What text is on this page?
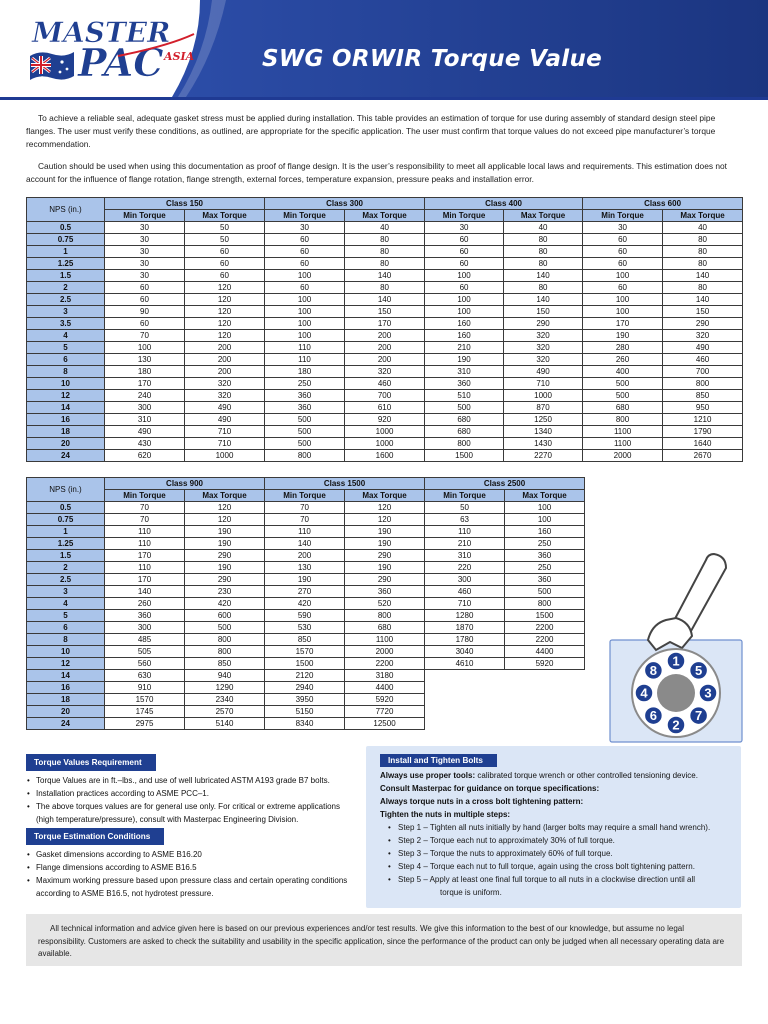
MASTER
PAC ASIA	SWG ORWIR Torque Value

To achieve a reliable seal, adequate gasket stress must be applied during installation. This table provides an estimation of torque for use during assembly of standard design steel pipe flanges. The user must verify these conditions, as outlined, are appropriate for the specific application. The user must confirm that torque values do not exceed pipe manufacturer’s torque recommendation.

Caution should be used when using this documentation as proof of flange design. It is the user’s responsibility to meet all applicable local laws and requirements. This estimation does not account for the influence of flange rotation, flange strength, external forces, temperature expansion, pressure peaks and installation error.

NPS (in.)	Class 150		Class 300		Class 400		Class 600	
	Min Torque	Max Torque	Min Torque	Max Torque	Min Torque	Max Torque	Min Torque	Max Torque
0.5	30	50	30	40	30	40	30	40
0.75	30	50	60	80	60	80	60	80
1	30	60	60	80	60	80	60	80
1.25	30	60	60	80	60	80	60	80
1.5	30	60	100	140	100	140	100	140
2	60	120	60	80	60	80	60	80
2.5	60	120	100	140	100	140	100	140
3	90	120	100	150	100	150	100	150
3.5	60	120	100	170	160	290	170	290
4	70	120	100	200	160	320	190	320
5	100	200	110	200	210	320	280	490
6	130	200	110	200	190	320	260	460
8	180	200	180	320	310	490	400	700
10	170	320	250	460	360	710	500	800
12	240	320	360	700	510	1000	500	850
14	300	490	360	610	500	870	680	950
16	310	490	500	920	680	1250	800	1210
18	490	710	500	1000	680	1340	1100	1790
20	430	710	500	1000	800	1430	1100	1640
24	620	1000	800	1600	1500	2270	2000	2670
NPS (in.)	Class 900		Class 1500		Class 2500	
	Min Torque	Max Torque	Min Torque	Max Torque	Min Torque	Max Torque
0.5	70	120	70	120	50	100
0.75	70	120	70	120	63	100
1	110	190	110	190	110	160
1.25	110	190	140	190	210	250
1.5	170	290	200	290	310	360
2	110	190	130	190	220	250
2.5	170	290	190	290	300	360
3	140	230	270	360	460	500
4	260	420	420	520	710	800
5	360	600	590	800	1280	1500
6	300	500	530	680	1870	2200
8	485	800	850	1100	1780	2200
10	505	800	1570	2000	3040	4400
12	560	850	1500	2200	4610	5920
14	630	940	2120	3180		
16	910	1290	2940	4400		
18	1570	2340	3950	5920		
20	1745	2570	5150	7720		
24	2975	5140	8340	12500		
1
2
3
4
5
6	7
8
Torque Values Requirement
• Torque Values are in ft.–lbs., and use of well lubricated ASTM A193 grade B7 bolts.
• Installation practices according to ASME PCC–1.
• The above torques values are for general use only. For critical or extreme applications
(high temperature/pressure), consult with Masterpac Engineering Division.
Torque Estimation Conditions
• Gasket dimensions according to ASME B16.20
• Flange dimensions according to ASME B16.5
• Maximum working pressure based upon pressure class and certain operating conditions
according to ASME B16.5, not hydrotest pressure.
Install and Tighten Bolts
Always use proper tools: calibrated torque wrench or other controlled tensioning device.
Consult Masterpac for guidance on torque specifications:
Always torque nuts in a cross bolt tightening pattern:
Tighten the nuts in multiple steps:
• Step 1 – Tighten all nuts initially by hand (larger bolts may require a small hand wrench).
• Step 2 – Torque each nut to approximately 30% of full torque.
• Step 3 – Torque the nuts to approximately 60% of full torque.
• Step 4 – Torque each nut to full torque, again using the cross bolt tightening pattern.
• Step 5 – Apply at least one final full torque to all nuts in a clockwise direction until all
torque is uniform.

All technical information and advice given here is based on our previous experiences and/or test results. We give this information to the best of our knowledge, but assume no legal responsibility. Customers are asked to check the suitability and usability in the specific application, since the performance of the product can only be judged when all necessary operating data are available.
